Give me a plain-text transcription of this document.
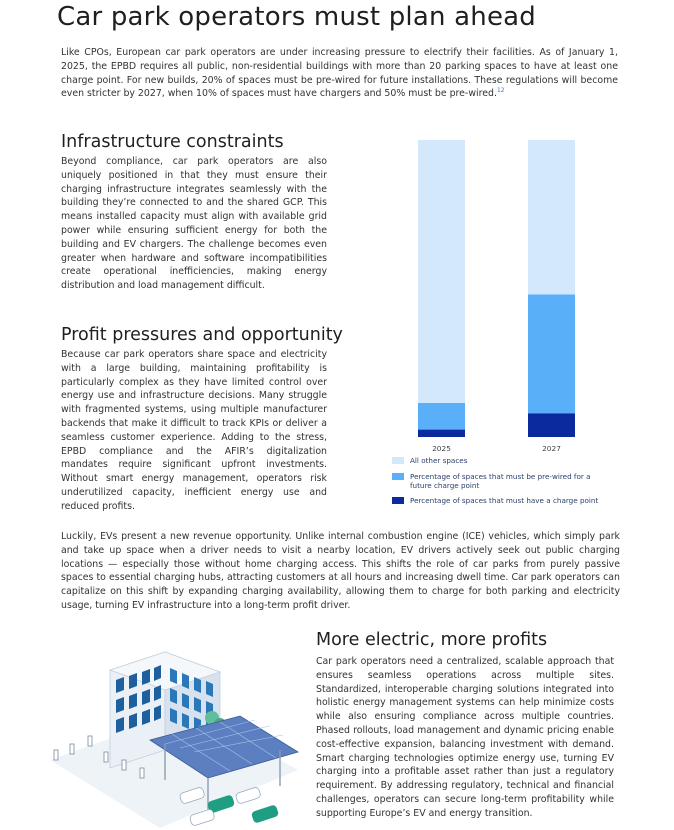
Car park operators must plan ahead
Like CPOs, European car park operators are under increasing pressure to electrify their facilities. As of January 1, 2025, the EPBD requires all public, non-residential buildings with more than 20 parking spaces to have at least one charge point. For new builds, 20% of spaces must be pre-wired for future installations. These regulations will become even stricter by 2027, when 10% of spaces must have chargers and 50% must be pre-wired.$^{12}$
Infrastructure constraints
Beyond compliance, car park operators are also uniquely positioned in that they must ensure their charging infrastructure integrates seamlessly with the building they’re connected to and the shared GCP. This means installed capacity must align with available grid power while ensuring sufficient energy for both the building and EV chargers. The challenge becomes even greater when hardware and software incompatibilities create operational inefficiencies, making energy distribution and load management difficult.
Profit pressures and opportunity
Because car park operators share space and electricity with a large building, maintaining profitability is particularly complex as they have limited control over energy use and infrastructure decisions. Many struggle with fragmented systems, using multiple manufacturer backends that make it difficult to track KPIs or deliver a seamless customer experience. Adding to the stress, EPBD compliance and the AFIR’s digitalization mandates require significant upfront investments. Without smart energy management, operators risk underutilized capacity, inefficient energy use and reduced profits.
2025	2027
All other spaces
Percentage of spaces that must be pre-wired for a future charge point
Percentage of spaces that must have a charge point
Luckily, EVs present a new revenue opportunity. Unlike internal combustion engine (ICE) vehicles, which simply park and take up space when a driver needs to visit a nearby location, EV drivers actively seek out public charging locations — especially those without home charging access. This shifts the role of car parks from purely passive spaces to essential charging hubs, attracting customers at all hours and increasing dwell time. Car park operators can capitalize on this shift by expanding charging availability, allowing them to charge for both parking and electricity usage, turning EV infrastructure into a long-term profit driver.
More electric, more profits
Car park operators need a centralized, scalable approach that ensures seamless operations across multiple sites. Standardized, interoperable charging solutions integrated into holistic energy management systems can help minimize costs while also ensuring compliance across multiple countries. Phased rollouts, load management and dynamic pricing enable cost-effective expansion, balancing investment with demand. Smart charging technologies optimize energy use, turning EV charging into a profitable asset rather than just a regulatory requirement. By addressing regulatory, technical and financial challenges, operators can secure long-term profitability while supporting Europe’s EV and energy transition.
